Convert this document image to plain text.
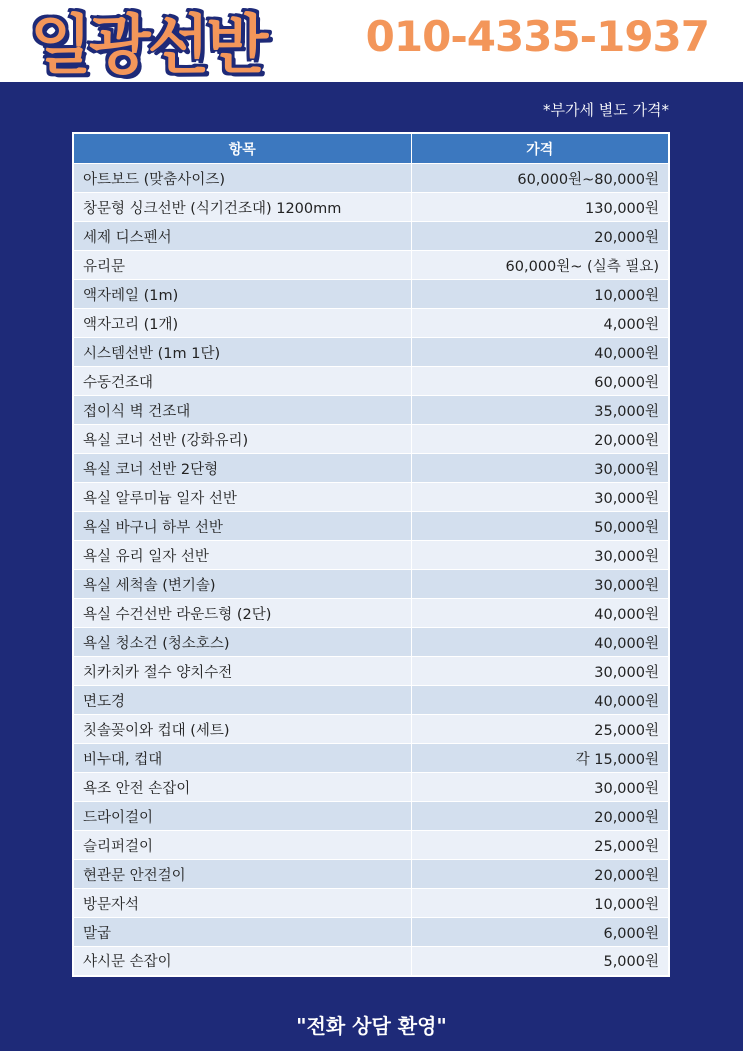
일광선반 010-4335-1937
*부가세 별도 가격*
항목	가격
아트보드 (맞춤사이즈)	60,000원~80,000원
창문형 싱크선반 (식기건조대) 1200mm	130,000원
세제 디스펜서	20,000원
유리문	60,000원~ (실측 필요)
액자레일 (1m)	10,000원
액자고리 (1개)	4,000원
시스템선반 (1m 1단)	40,000원
수동건조대	60,000원
접이식 벽 건조대	35,000원
욕실 코너 선반 (강화유리)	20,000원
욕실 코너 선반 2단형	30,000원
욕실 알루미늄 일자 선반	30,000원
욕실 바구니 하부 선반	50,000원
욕실 유리 일자 선반	30,000원
욕실 세척솔 (변기솔)	30,000원
욕실 수건선반 라운드형 (2단)	40,000원
욕실 청소건 (청소호스)	40,000원
치카치카 절수 양치수전	30,000원
면도경	40,000원
칫솔꽂이와 컵대 (세트)	25,000원
비누대, 컵대	각 15,000원
욕조 안전 손잡이	30,000원
드라이걸이	20,000원
슬리퍼걸이	25,000원
현관문 안전걸이	20,000원
방문자석	10,000원
말굽	6,000원
샤시문 손잡이	5,000원
"전화 상담 환영"
